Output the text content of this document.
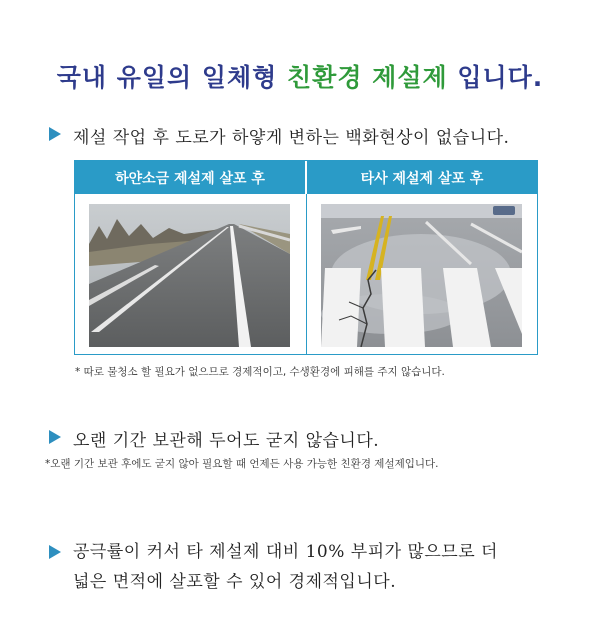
국내 유일의 일체형 친환경 제설제 입니다.
제설 작업 후 도로가 하얗게 변하는 백화현상이 없습니다.
하얀소금 제설제 살포 후	타사 제설제 살포 후
* 따로 물청소 할 필요가 없으므로 경제적이고, 수생환경에 피해를 주지 않습니다.
오랜 기간 보관해 두어도 굳지 않습니다.
*오랜 기간 보관 후에도 굳지 않아 필요할 때 언제든 사용 가능한 친환경 제설제입니다.
공극률이 커서 타 제설제 대비 10% 부피가 많으므로 더
넓은 면적에 살포할 수 있어 경제적입니다.
